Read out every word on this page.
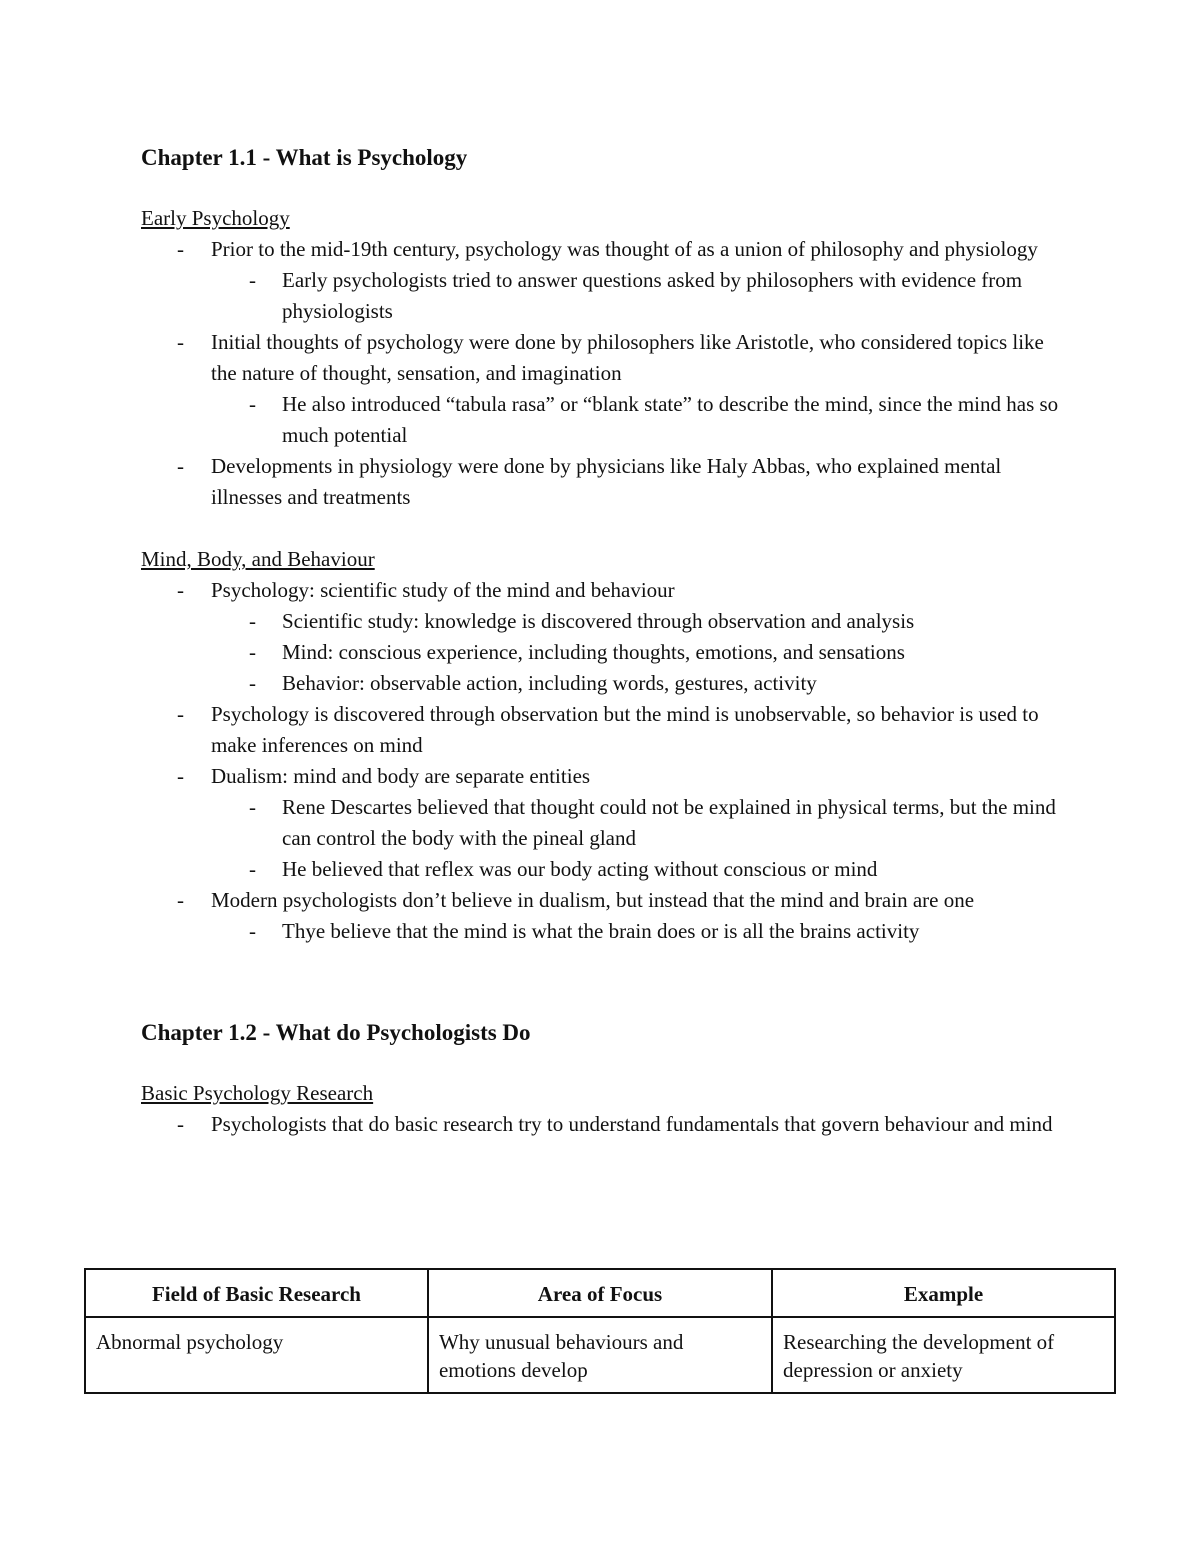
Chapter 1.1 - What is Psychology

Early Psychology

- Prior to the mid-19th century, psychology was thought of as a union of philosophy and physiology
- Early psychologists tried to answer questions asked by philosophers with evidence from physiologists
- Initial thoughts of psychology were done by philosophers like Aristotle, who considered topics like the nature of thought, sensation, and imagination
- He also introduced “tabula rasa” or “blank state” to describe the mind, since the mind has so much potential
- Developments in physiology were done by physicians like Haly Abbas, who explained mental illnesses and treatments

Mind, Body, and Behaviour

- Psychology: scientific study of the mind and behaviour
- Scientific study: knowledge is discovered through observation and analysis
- Mind: conscious experience, including thoughts, emotions, and sensations
- Behavior: observable action, including words, gestures, activity
- Psychology is discovered through observation but the mind is unobservable, so behavior is used to make inferences on mind
- Dualism: mind and body are separate entities
- Rene Descartes believed that thought could not be explained in physical terms, but the mind can control the body with the pineal gland
- He believed that reflex was our body acting without conscious or mind
- Modern psychologists don’t believe in dualism, but instead that the mind and brain are one
- Thye believe that the mind is what the brain does or is all the brains activity
Chapter 1.2 - What do Psychologists Do

Basic Psychology Research

- Psychologists that do basic research try to understand fundamentals that govern behaviour and mind
Field of Basic Research	Area of Focus	Example
Abnormal psychology	Why unusual behaviours and emotions develop	Researching the development of depression or anxiety
